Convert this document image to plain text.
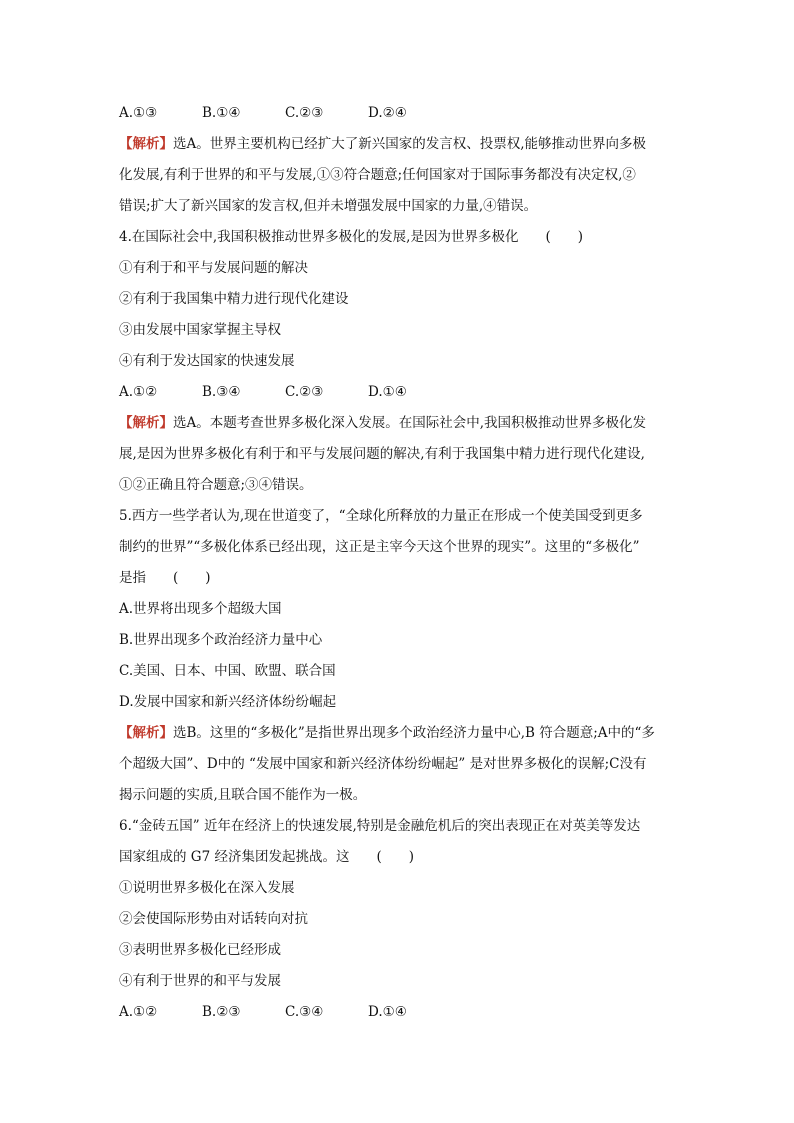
A.①③	B.①④	C.②③	D.②④
【解析】选A。世界主要机构已经扩大了新兴国家的发言权、投票权,能够推动世界向多极
化发展,有利于世界的和平与发展,①③符合题意;任何国家对于国际事务都没有决定权,②
错误;扩大了新兴国家的发言权,但并未增强发展中国家的力量,④错误。
4.在国际社会中,我国积极推动世界多极化的发展,是因为世界多极化　　(　　)
①有利于和平与发展问题的解决
②有利于我国集中精力进行现代化建设
③由发展中国家掌握主导权
④有利于发达国家的快速发展
A.①②	B.③④	C.②③	D.①④
【解析】选A。本题考查世界多极化深入发展。在国际社会中,我国积极推动世界多极化发
展,是因为世界多极化有利于和平与发展问题的解决,有利于我国集中精力进行现代化建设,
①②正确且符合题意;③④错误。
5.西方一些学者认为,现在世道变了，“全球化所释放的力量正在形成一个使美国受到更多
制约的世界”“多极化体系已经出现，这正是主宰今天这个世界的现实”。这里的“多极化”
是指　　(　　)
A.世界将出现多个超级大国
B.世界出现多个政治经济力量中心
C.美国、日本、中国、欧盟、联合国
D.发展中国家和新兴经济体纷纷崛起
【解析】选B。这里的“多极化”是指世界出现多个政治经济力量中心,B 符合题意;A中的“多
个超级大国”、D中的 “发展中国家和新兴经济体纷纷崛起” 是对世界多极化的误解;C没有
揭示问题的实质,且联合国不能作为一极。
6.“金砖五国” 近年在经济上的快速发展,特别是金融危机后的突出表现正在对英美等发达
国家组成的 G7 经济集团发起挑战。这　　(　　)
①说明世界多极化在深入发展
②会使国际形势由对话转向对抗
③表明世界多极化已经形成
④有利于世界的和平与发展
A.①②	B.②③	C.③④	D.①④
